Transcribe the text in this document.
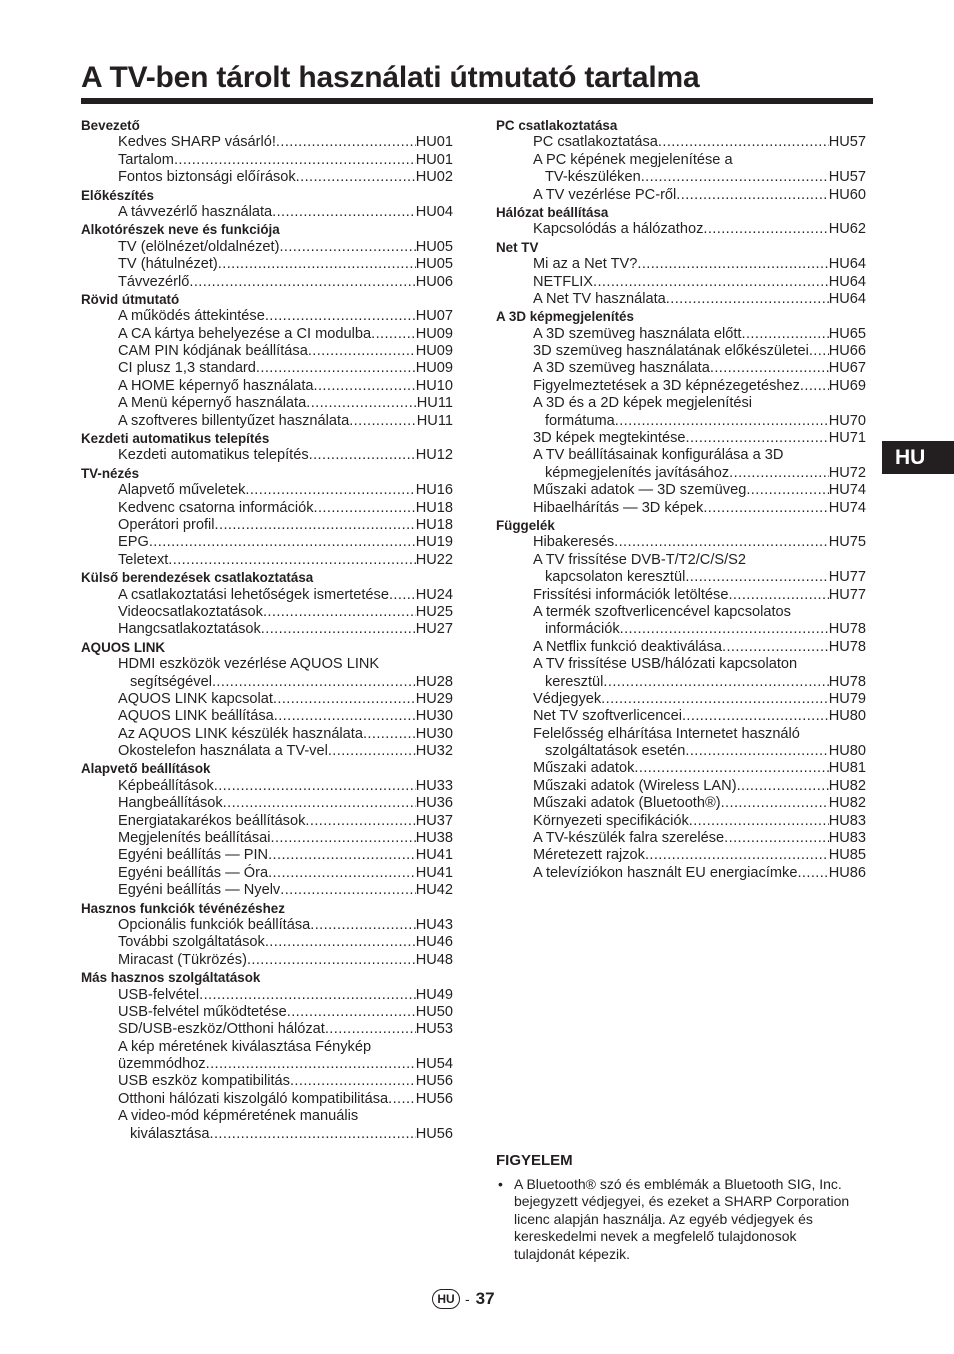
A TV-ben tárolt használati útmutató tartalma
Bevezető
Kedves SHARP vásárló! .....	HU01
Tartalom .....	HU01
Fontos biztonsági előírások .....	HU02
Előkészítés
A távvezérlő használata .....	HU04
Alkotórészek neve és funkciója
TV (elölnézet/oldalnézet) .....	HU05
TV (hátulnézet) .....	HU05
Távvezérlő .....	HU06
Rövid útmutató
A működés áttekintése .....	HU07
A CA kártya behelyezése a CI modulba .....	HU09
CAM PIN kódjának beállítása .....	HU09
CI plusz 1,3 standard .....	HU09
A HOME képernyő használata .....	HU10
A Menü képernyő használata .....	HU11
A szoftveres billentyűzet használata .....	HU11
Kezdeti automatikus telepítés
Kezdeti automatikus telepítés .....	HU12
TV-nézés
Alapvető műveletek .....	HU16
Kedvenc csatorna információk .....	HU18
Operátori profil .....	HU18
EPG .....	HU19
Teletext .....	HU22
Külső berendezések csatlakoztatása
A csatlakoztatási lehetőségek ismertetése ..... HU24
Videocsatlakoztatások .....	HU25
Hangcsatlakoztatások .....	HU27
AQUOS LINK
HDMI eszközök vezérlése AQUOS LINK
segítségével .....	HU28
AQUOS LINK kapcsolat .....	HU29
AQUOS LINK beállítása .....	HU30
Az AQUOS LINK készülék használata .....	HU30
Okostelefon használata a TV-vel .....	HU32
Alapvető beállítások
Képbeállítások .....	HU33
Hangbeállítások .....	HU36
Energiatakarékos beállítások .....	HU37
Megjelenítés beállításai .....	HU38
Egyéni beállítás — PIN .....	HU41
Egyéni beállítás — Óra .....	HU41
Egyéni beállítás — Nyelv .....	HU42
Hasznos funkciók tévénézéshez
Opcionális funkciók beállítása .....	HU43
További szolgáltatások .....	HU46
Miracast (Tükrözés) .....	HU48
Más hasznos szolgáltatások
USB-felvétel .....	HU49
USB-felvétel működtetése .....	HU50
SD/USB-eszköz/Otthoni hálózat .....	HU53
A kép méretének kiválasztása Fénykép
üzemmódhoz .....	HU54
USB eszköz kompatibilitás .....	HU56
Otthoni hálózati kiszolgáló kompatibilitása ..... HU56
A video-mód képméretének manuális
kiválasztása .....	HU56
PC csatlakoztatása
PC csatlakoztatása .....	HU57
A PC képének megjelenítése a
TV-készüléken .....	HU57
A TV vezérlése PC-ről .....	HU60
Hálózat beállítása
Kapcsolódás a hálózathoz .....	HU62
Net TV
Mi az a Net TV? .....	HU64
NETFLIX .....	HU64
A Net TV használata .....	HU64
A 3D képmegjelenítés
A 3D szemüveg használata előtt .....	HU65
3D szemüveg használatának előkészületei ..... HU66
A 3D szemüveg használata .....	HU67
Figyelmeztetések a 3D képnézegetéshez ..... HU69
A 3D és a 2D képek megjelenítési
formátuma .....	HU70
3D képek megtekintése .....	HU71
A TV beállításainak konfigurálása a 3D
képmegjelenítés javításához .....	HU72
Műszaki adatok — 3D szemüveg .....	HU74
Hibaelhárítás — 3D képek .....	HU74
Függelék
Hibakeresés .....	HU75
A TV frissítése DVB-T/T2/C/S/S2
kapcsolaton keresztül .....	HU77
Frissítési információk letöltése .....	HU77
A termék szoftverlicencével kapcsolatos
információk .....	HU78
A Netflix funkció deaktiválása .....	HU78
A TV frissítése USB/hálózati kapcsolaton
keresztül .....	HU78
Védjegyek .....	HU79
Net TV szoftverlicencei .....	HU80
Felelősség elhárítása Internetet használó
szolgáltatások esetén .....	HU80
Műszaki adatok .....	HU81
Műszaki adatok (Wireless LAN) .....	HU82
Műszaki adatok (Bluetooth®) .....	HU82
Környezeti specifikációk .....	HU83
A TV-készülék falra szerelése .....	HU83
Méretezett rajzok .....	HU85
A televíziókon használt EU energiacímke ..... HU86
HU
FIGYELEM
• A Bluetooth® szó és emblémák a Bluetooth SIG, Inc. bejegyzett védjegyei, és ezeket a SHARP Corporation licenc alapján használja. Az egyéb védjegyek és kereskedelmi nevek a megfelelő tulajdonosok tulajdonát képezik.
HU - 37
